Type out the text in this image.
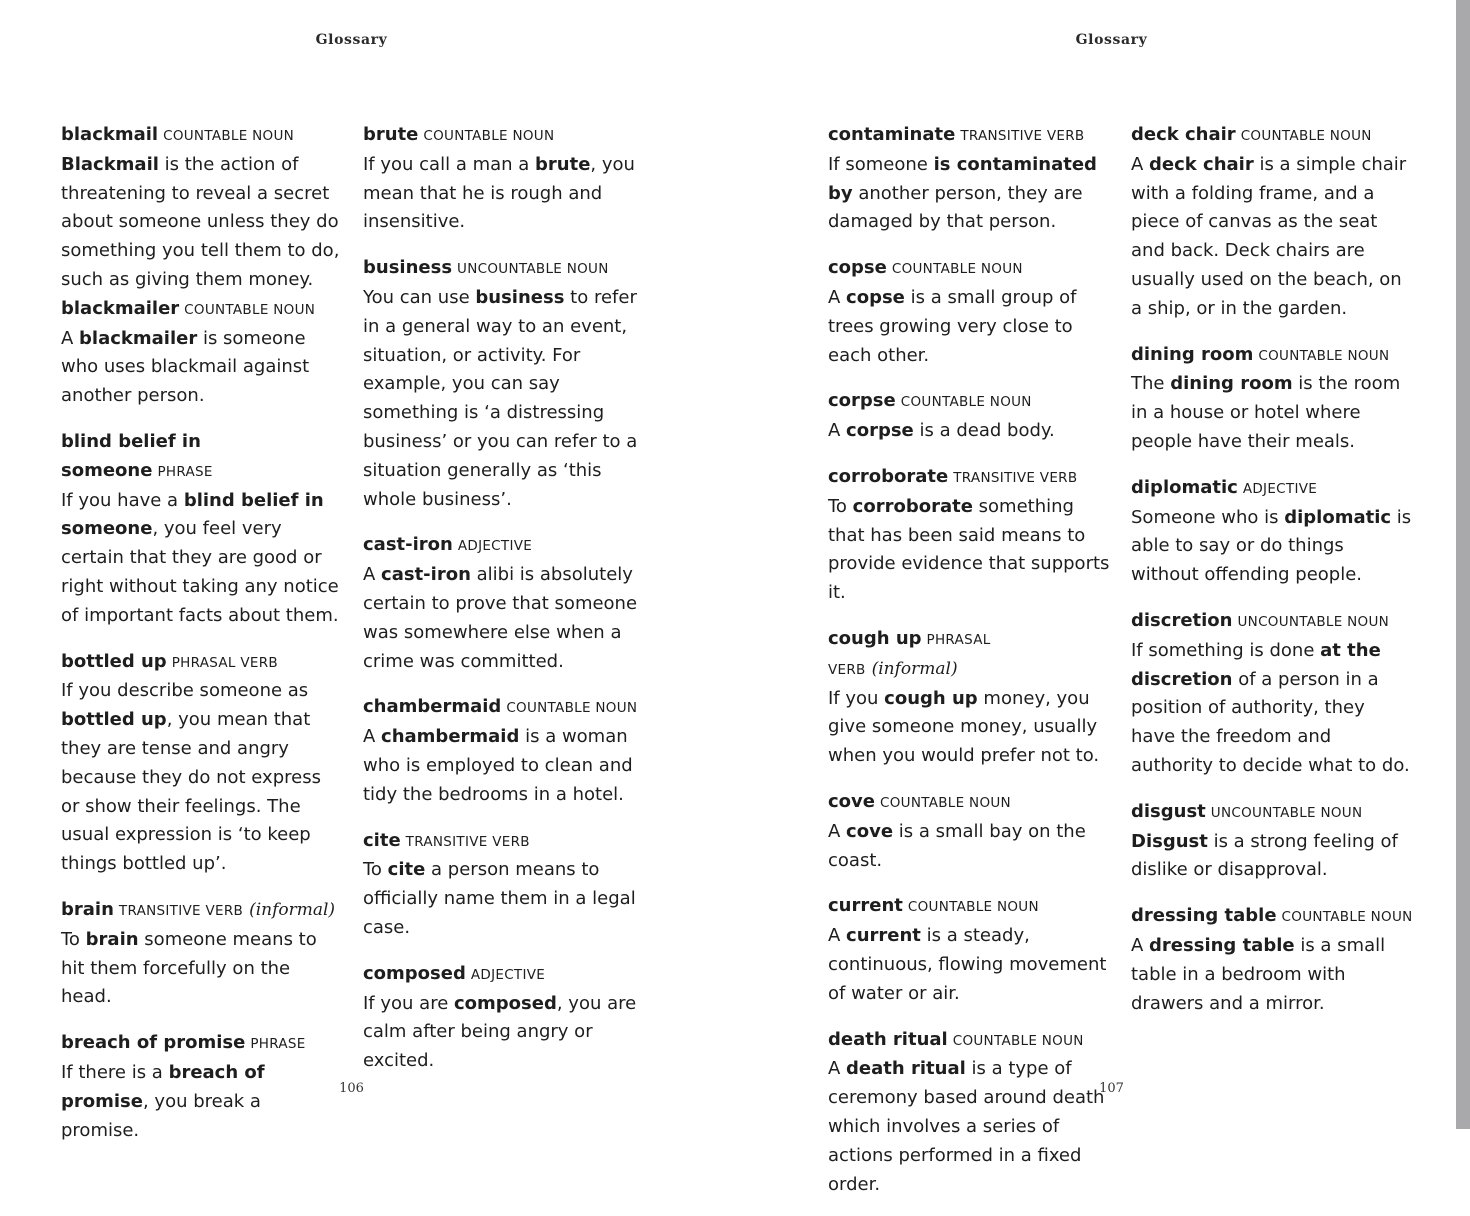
Glossary
blackmail COUNTABLE NOUN
Blackmail is the action of threatening to reveal a secret about someone unless they do something you tell them to do, such as giving them money.
blackmailer COUNTABLE NOUN
A blackmailer is someone who uses blackmail against another person.
blind belief in someone PHRASE
If you have a blind belief in someone, you feel very certain that they are good or right without taking any notice of important facts about them.
bottled up PHRASAL VERB
If you describe someone as bottled up, you mean that they are tense and angry because they do not express or show their feelings. The usual expression is ‘to keep things bottled up’.
brain TRANSITIVE VERB (informal)
To brain someone means to hit them forcefully on the head.
breach of promise PHRASE
If there is a breach of promise, you break a promise.
brute COUNTABLE NOUN
If you call a man a brute, you mean that he is rough and insensitive.
business UNCOUNTABLE NOUN
You can use business to refer in a general way to an event, situation, or activity. For example, you can say something is ‘a distressing business’ or you can refer to a situation generally as ‘this whole business’.
cast-iron ADJECTIVE
A cast-iron alibi is absolutely certain to prove that someone was somewhere else when a crime was committed.
chambermaid COUNTABLE NOUN
A chambermaid is a woman who is employed to clean and tidy the bedrooms in a hotel.
cite TRANSITIVE VERB
To cite a person means to officially name them in a legal case.
composed ADJECTIVE
If you are composed, you are calm after being angry or excited.
106
Glossary
contaminate TRANSITIVE VERB
If someone is contaminated by another person, they are damaged by that person.
copse COUNTABLE NOUN
A copse is a small group of trees growing very close to each other.
corpse COUNTABLE NOUN
A corpse is a dead body.
corroborate TRANSITIVE VERB
To corroborate something that has been said means to provide evidence that supports it.
cough up PHRASAL VERB (informal)
If you cough up money, you give someone money, usually when you would prefer not to.
cove COUNTABLE NOUN
A cove is a small bay on the coast.
current COUNTABLE NOUN
A current is a steady, continuous, flowing movement of water or air.
death ritual COUNTABLE NOUN
A death ritual is a type of ceremony based around death which involves a series of actions performed in a fixed order.
deck chair COUNTABLE NOUN
A deck chair is a simple chair with a folding frame, and a piece of canvas as the seat and back. Deck chairs are usually used on the beach, on a ship, or in the garden.
dining room COUNTABLE NOUN
The dining room is the room in a house or hotel where people have their meals.
diplomatic ADJECTIVE
Someone who is diplomatic is able to say or do things without offending people.
discretion UNCOUNTABLE NOUN
If something is done at the discretion of a person in a position of authority, they have the freedom and authority to decide what to do.
disgust UNCOUNTABLE NOUN
Disgust is a strong feeling of dislike or disapproval.
dressing table COUNTABLE NOUN
A dressing table is a small table in a bedroom with drawers and a mirror.
107
